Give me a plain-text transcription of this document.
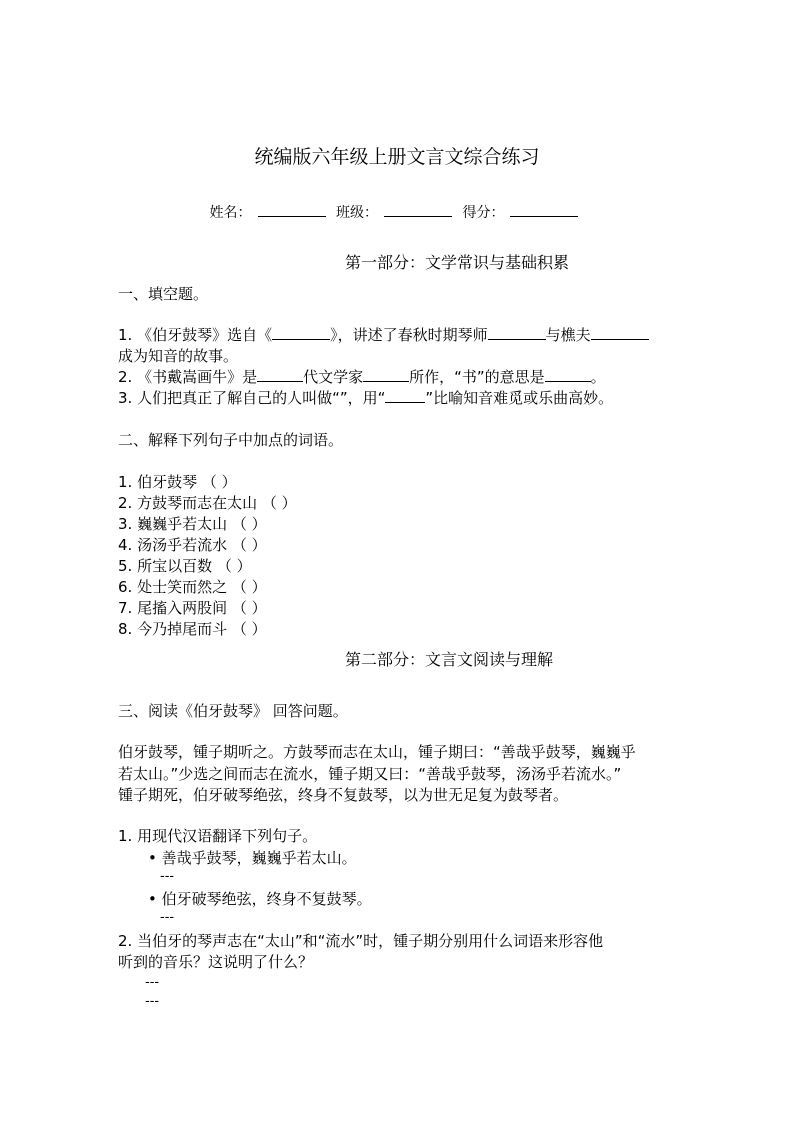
统编版六年级上册文言文综合练习
姓名：	班级：	得分：
第一部分：文学常识与基础积累
一、填空题。
1. 《伯牙鼓琴》选自《	》，讲述了春秋时期琴师	与樵夫
成为知音的故事。
2. 《书戴嵩画牛》是	代文学家	所作，“书”的意思是	。
3. 人们把真正了解自己的人叫做“”，用“	”比喻知音难觅或乐曲高妙。
二、解释下列句子中加点的词语。
1. 伯牙鼓琴 （ ）
2. 方鼓琴而志在太山 （ ）
3. 巍巍乎若太山 （ ）
4. 汤汤乎若流水 （ ）
5. 所宝以百数 （ ）
6. 处士笑而然之 （ ）
7. 尾搐入两股间 （ ）
8. 今乃掉尾而斗 （ ）
第二部分：文言文阅读与理解
三、阅读《伯牙鼓琴》 回答问题。
伯牙鼓琴，锺子期听之。方鼓琴而志在太山，锺子期曰：“善哉乎鼓琴，巍巍乎
若太山。”少选之间而志在流水，锺子期又曰：“善哉乎鼓琴，汤汤乎若流水。”
锺子期死，伯牙破琴绝弦，终身不复鼓琴，以为世无足复为鼓琴者。
1. 用现代汉语翻译下列句子。
• 善哉乎鼓琴，巍巍乎若太山。
---
• 伯牙破琴绝弦，终身不复鼓琴。
---
2. 当伯牙的琴声志在“太山”和“流水”时，锺子期分别用什么词语来形容他
听到的音乐？这说明了什么？
---
---
